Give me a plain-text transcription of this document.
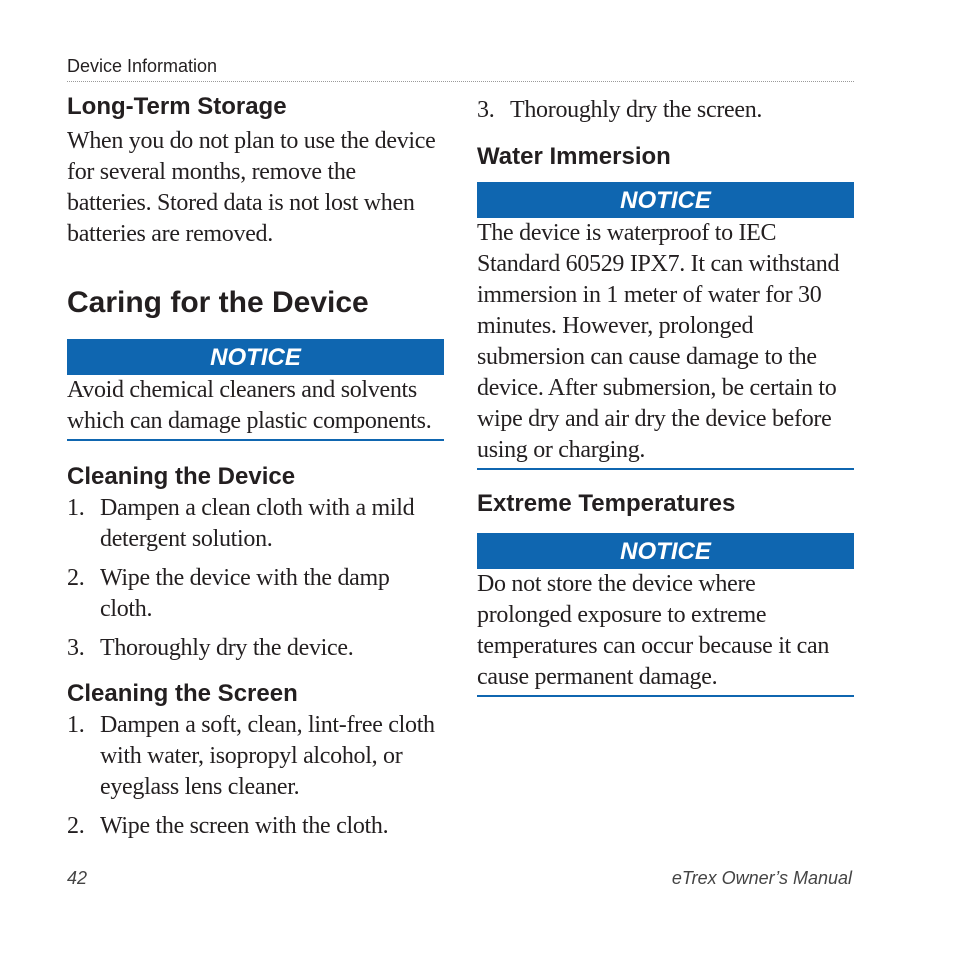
Device Information
Long-Term Storage

When you do not plan to use the device for several months, remove the batteries. Stored data is not lost when batteries are removed.

Caring for the Device
NOTICE

Avoid chemical cleaners and solvents which can damage plastic components.

Cleaning the Device
1. Dampen a clean cloth with a mild detergent solution.
2. Wipe the device with the damp cloth.
3. Thoroughly dry the device.
Cleaning the Screen
1. Dampen a soft, clean, lint-free cloth with water, isopropyl alcohol, or eyeglass lens cleaner.
2. Wipe the screen with the cloth.
3. Thoroughly dry the screen.
Water Immersion
NOTICE

The device is waterproof to IEC Standard 60529 IPX7. It can withstand immersion in 1 meter of water for 30 minutes. However, prolonged submersion can cause damage to the device. After submersion, be certain to wipe dry and air dry the device before using or charging.

Extreme Temperatures
NOTICE

Do not store the device where prolonged exposure to extreme temperatures can occur because it can cause permanent damage.

42	eTrex Owner’s Manual
